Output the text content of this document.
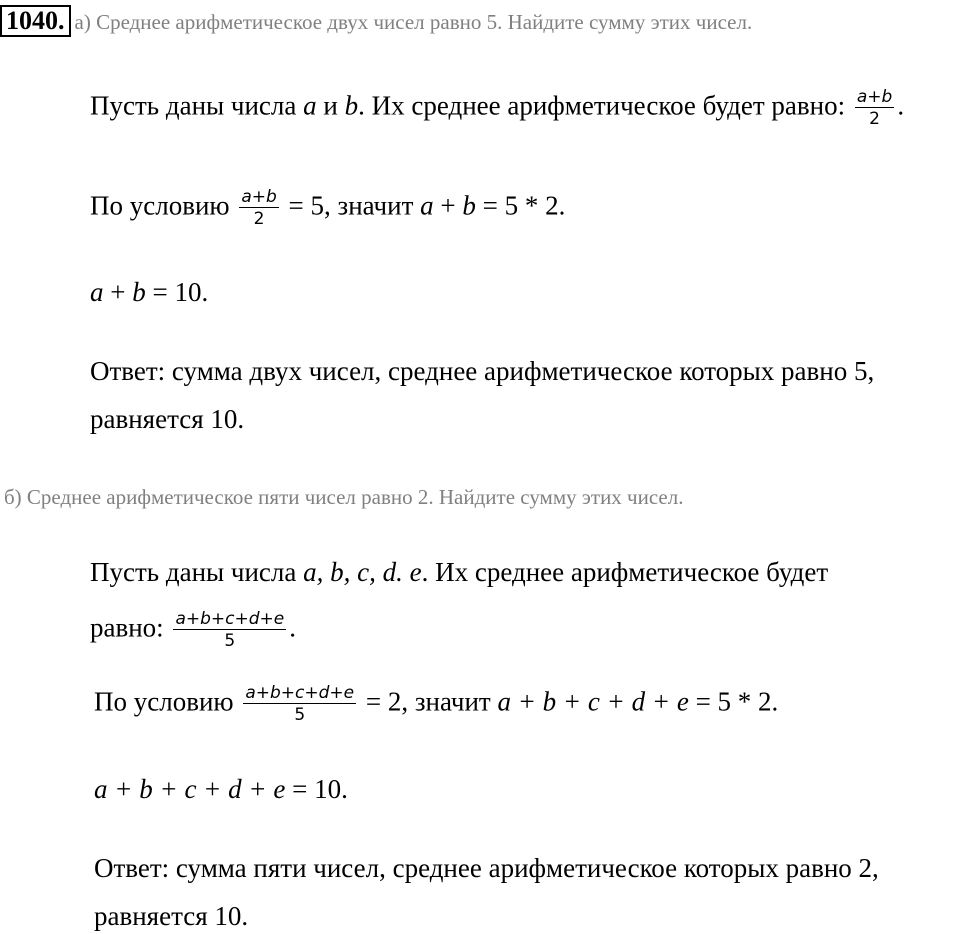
1040. а) Среднее арифметическое двух чисел равно 5. Найдите сумму этих чисел.
Пусть даны числа a и b. Их среднее арифметическое будет равно: $\frac{a+b}{2}$ .
По условию $\frac{a+b}{2} = 5$, значит a + b = 5 * 2.
a + b = 10.
Ответ: сумма двух чисел, среднее арифметическое которых равно 5,
равняется 10.
б) Среднее арифметическое пяти чисел равно 2. Найдите сумму этих чисел.
Пусть даны числа a, b, c, d. e. Их среднее арифметическое будет
равно: $\frac{a+b+c+d+e}{5}$ .
По условию $\frac{a+b+c+d+e}{5} = 2$, значит a + b + c + d + e = 5 * 2.
a + b + c + d + e = 10.
Ответ: сумма пяти чисел, среднее арифметическое которых равно 2,
равняется 10.
